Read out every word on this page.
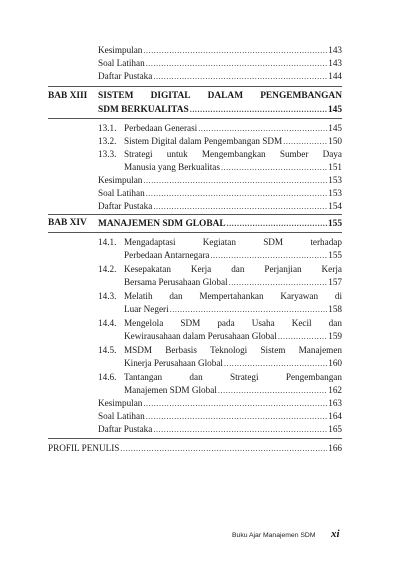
Kesimpulan .....	143
Soal Latihan .....	143
Daftar Pustaka .....	144
BAB XIII SISTEM DIGITAL DALAM PENGEMBANGAN
SDM BERKUALITAS .....	145
13.1. Perbedaan Generasi .....	145
13.2. Sistem Digital dalam Pengembangan SDM .....	150
13.3. Strategi untuk Mengembangkan Sumber Daya
Manusia yang Berkualitas .....	151
Kesimpulan .....	153
Soal Latihan .....	153
Daftar Pustaka .....	154
BAB XIV MANAJEMEN SDM GLOBAL .....	155
14.1. Mengadaptasi	Kegiatan	SDM	terhadap
Perbedaan Antarnegara .....	155
14.2. Kesepakatan Kerja dan Perjanjian Kerja
Bersama Perusahaan Global .....	157
14.3. Melatih dan Mempertahankan Karyawan di
Luar Negeri .....	158
14.4. Mengelola SDM pada Usaha Kecil dan
Kewirausahaan dalam Perusahaan Global .....	159
14.5. MSDM Berbasis Teknologi Sistem Manajemen
Kinerja Perusahaan Global .....	160
14.6. Tantangan	dan	Strategi	Pengembangan
Manajemen SDM Global .....	162
Kesimpulan .....	163
Soal Latihan .....	164
Daftar Pustaka .....	165
PROFIL PENULIS .....	166
Buku Ajar Manajemen SDM xi
